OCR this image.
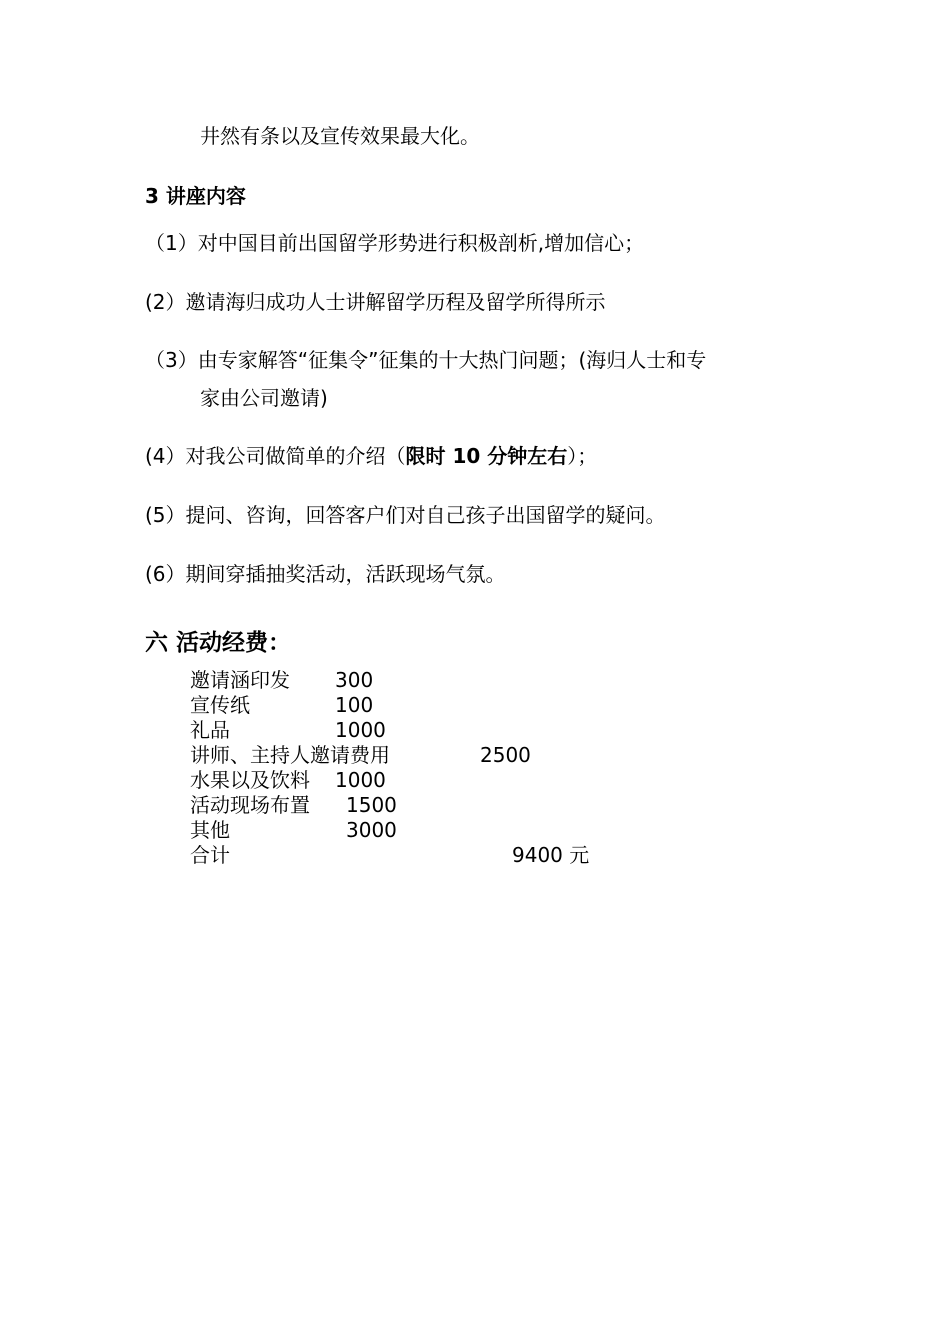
井然有条以及宣传效果最大化。
3 讲座内容
（1）对中国目前出国留学形势进行积极剖析,增加信心；
(2）邀请海归成功人士讲解留学历程及留学所得所示
（3）由专家解答“征集令”征集的十大热门问题；(海归人士和专
家由公司邀请)
(4）对我公司做简单的介绍（限时 10 分钟左右）；
(5）提问、咨询，回答客户们对自己孩子出国留学的疑问。
(6）期间穿插抽奖活动，活跃现场气氛。
六 活动经费：
邀请涵印发 300
宣传纸	100
礼品	1000
讲师、主持人邀请费用	2500
水果以及饮料 1000
活动现场布置 1500
其他	3000
合计	9400 元
